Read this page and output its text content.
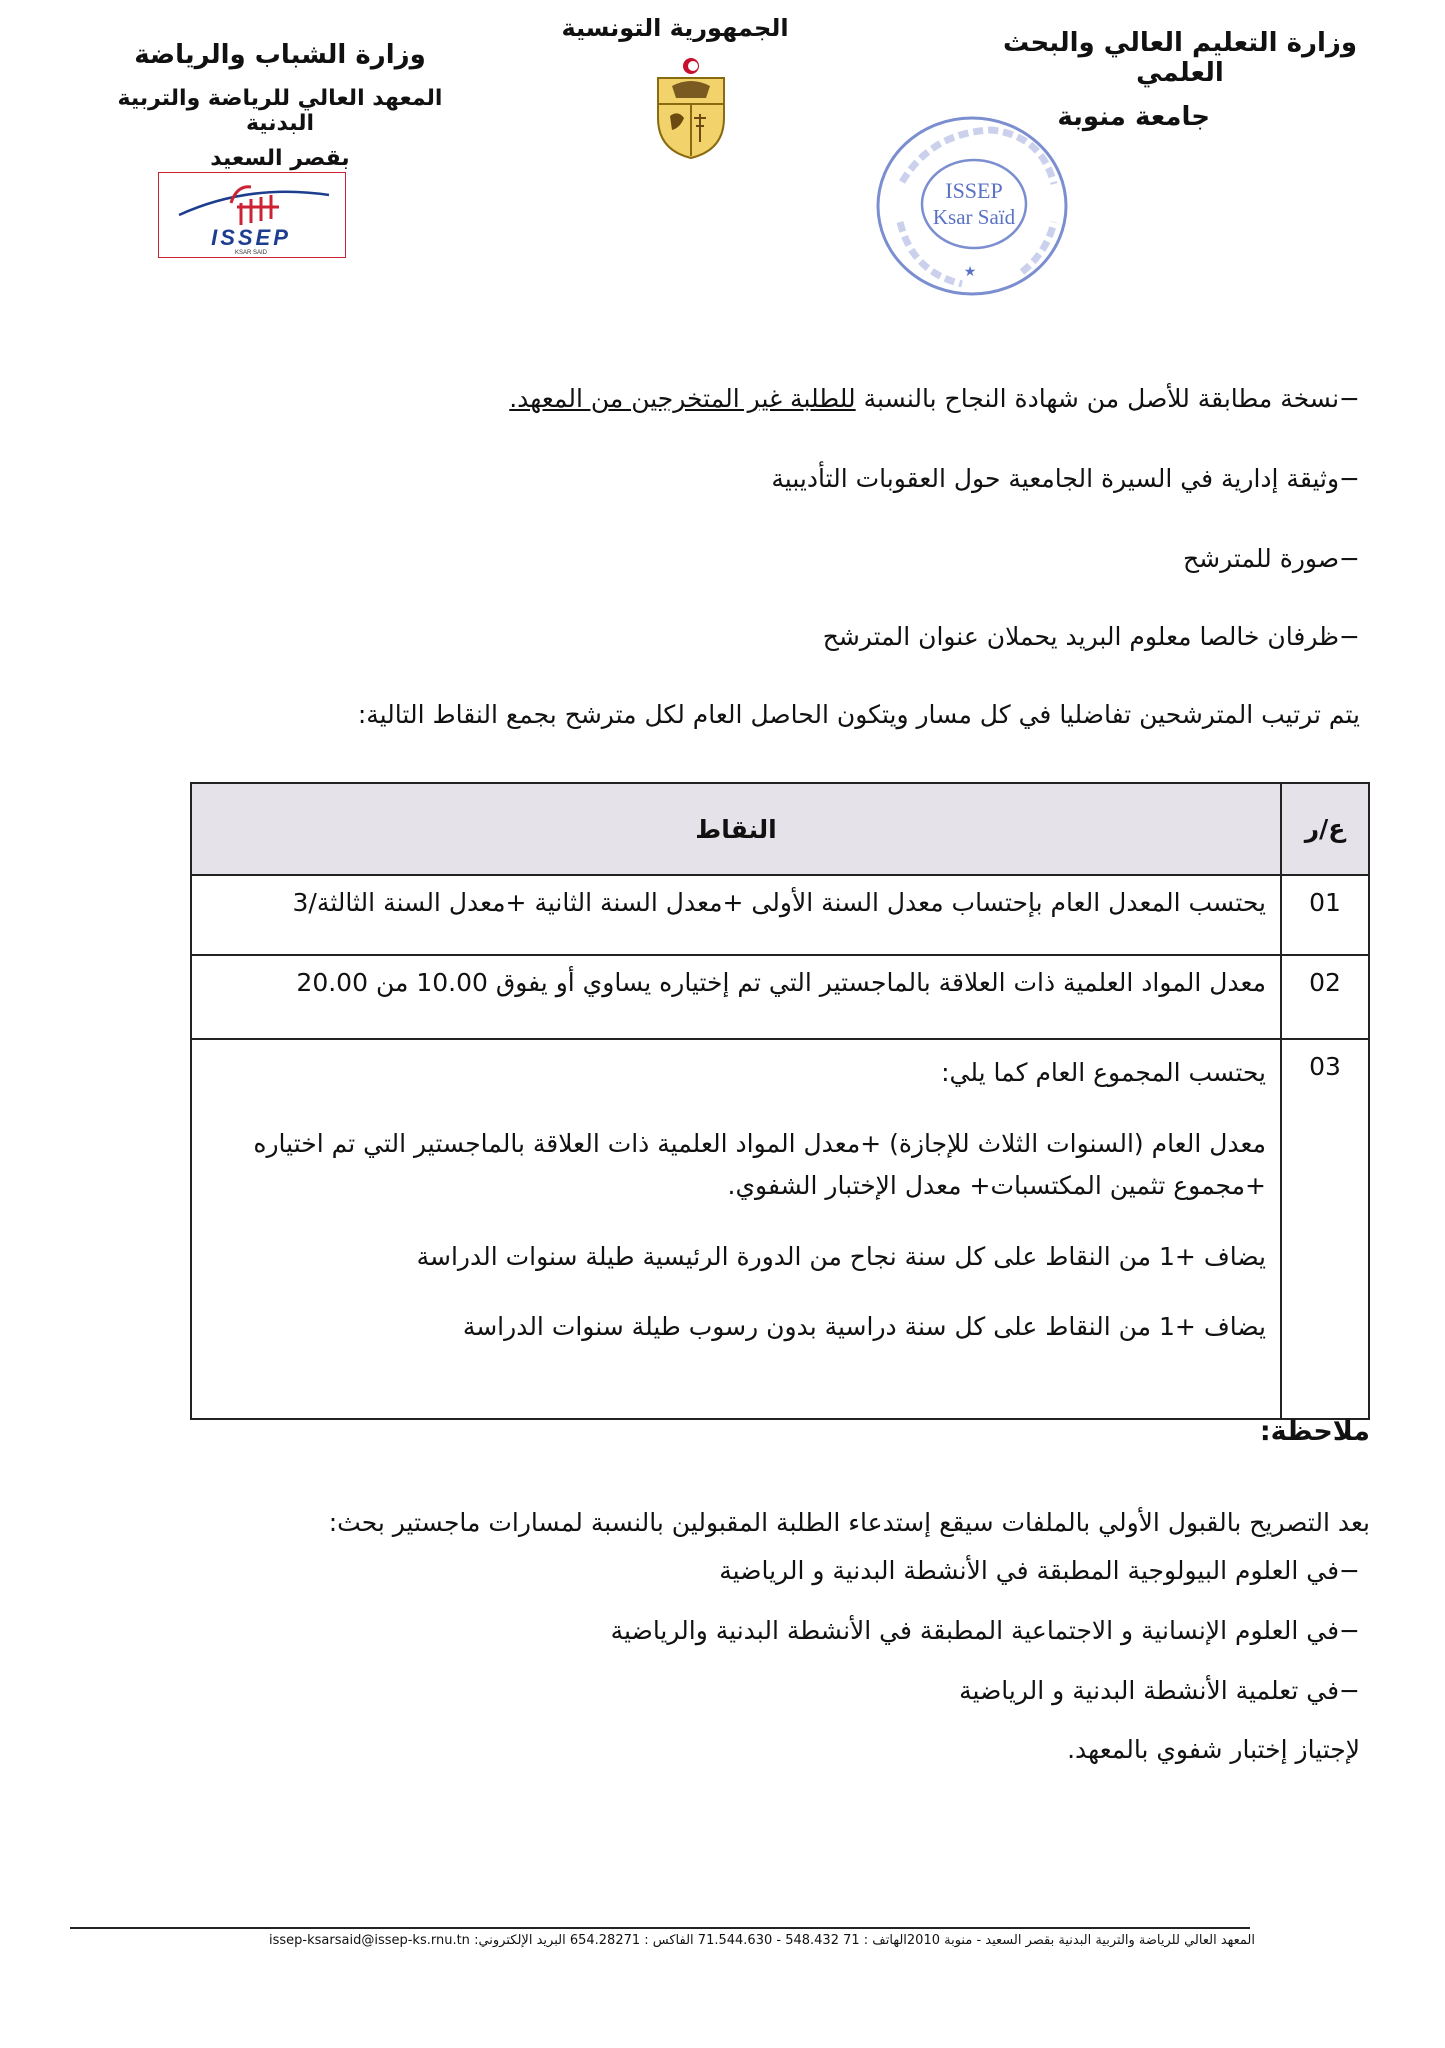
وزارة التعليم العالي والبحث العلمي
جامعة منوبة
الجمهورية التونسية
وزارة الشباب والرياضة
المعهد العالي للرياضة والتربية البدنية
بقصر السعيد
ISSEP
KSAR SAID
ISSEP
Ksar Saïd
★
−نسخة مطابقة للأصل من شهادة النجاح بالنسبة للطلبة غير المتخرجين من المعهد.
−وثيقة إدارية في السيرة الجامعية حول العقوبات التأديبية
−صورة للمترشح
−ظرفان خالصا معلوم البريد يحملان عنوان المترشح
يتم ترتيب المترشحين تفاضليا في كل مسار ويتكون الحاصل العام لكل مترشح بجمع النقاط التالية:
ع/ر	النقاط
01	يحتسب المعدل العام بإحتساب معدل السنة الأولى +معدل السنة الثانية +معدل السنة الثالثة/3

02	معدل المواد العلمية ذات العلاقة بالماجستير التي تم إختياره يساوي أو يفوق 10.00 من 20.00

03	يحتسب المجموع العام كما يلي:
معدل العام (السنوات الثلاث للإجازة) +معدل المواد العلمية ذات العلاقة بالماجستير التي تم اختياره +مجموع تثمين المكتسبات+ معدل الإختبار الشفوي.
يضاف +1 من النقاط على كل سنة نجاح من الدورة الرئيسية طيلة سنوات الدراسة
يضاف +1 من النقاط على كل سنة دراسية بدون رسوب طيلة سنوات الدراسة
ملاحظة:
بعد التصريح بالقبول الأولي بالملفات سيقع إستدعاء الطلبة المقبولين بالنسبة لمسارات ماجستير بحث:
−في العلوم البيولوجية المطبقة في الأنشطة البدنية و الرياضية
−في العلوم الإنسانية و الاجتماعية المطبقة في الأنشطة البدنية والرياضية
−في تعلمية الأنشطة البدنية و الرياضية
لإجتياز إختبار شفوي بالمعهد.
المعهد العالي للرياضة والتربية البدنية بقصر السعيد - منوبة 2010الهاتف : 71 548.432 - 71.544.630 الفاكس : 654.28271 البريد الإلكتروني: issep-ksarsaid@issep-ks.rnu.tn
